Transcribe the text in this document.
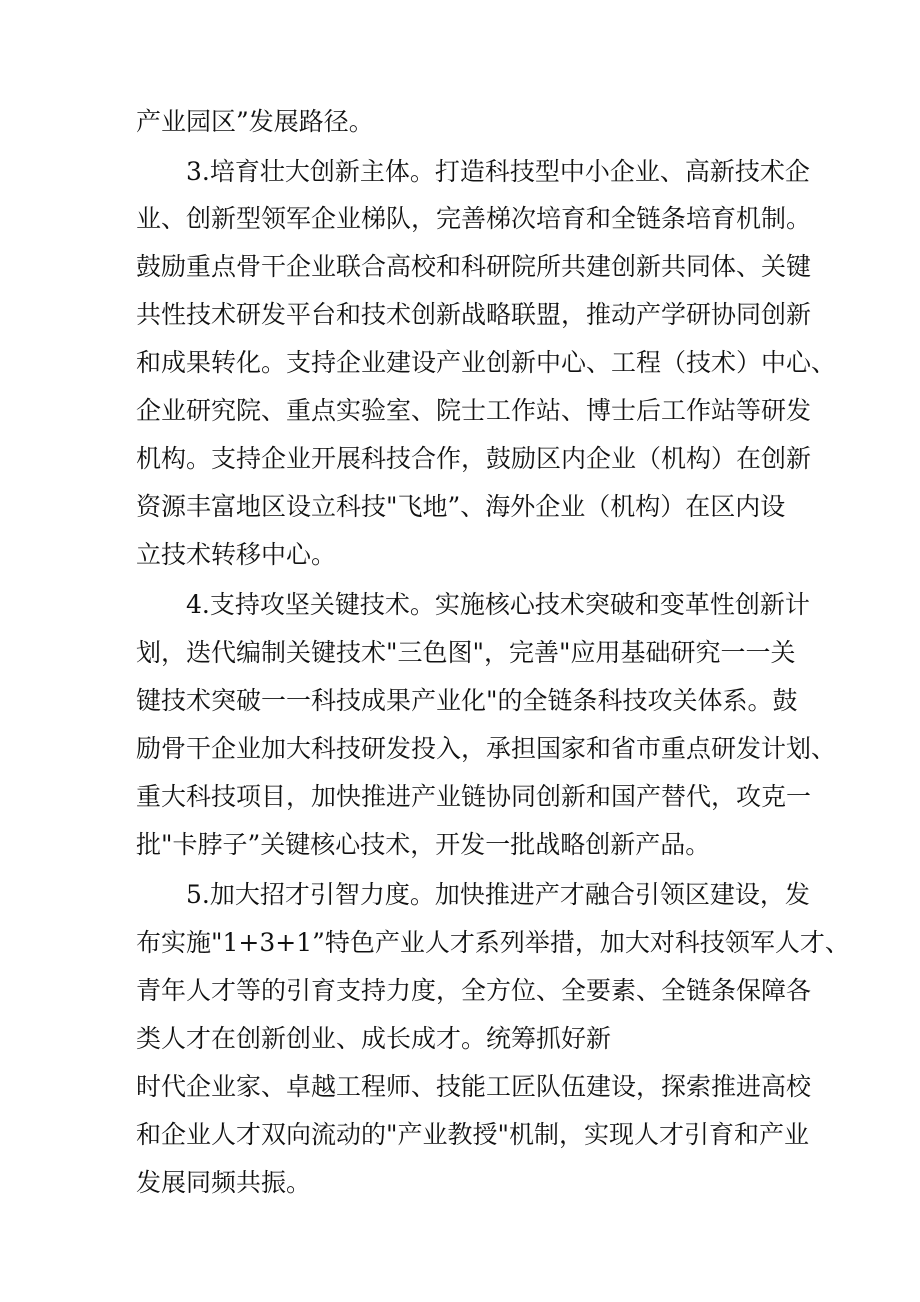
产业园区”发展路径。

3.培育壮大创新主体。打造科技型中小企业、高新技术企

业、创新型领军企业梯队，完善梯次培育和全链条培育机制。

鼓励重点骨干企业联合高校和科研院所共建创新共同体、关键

共性技术研发平台和技术创新战略联盟，推动产学研协同创新

和成果转化。支持企业建设产业创新中心、工程（技术）中心、

企业研究院、重点实验室、院士工作站、博士后工作站等研发

机构。支持企业开展科技合作，鼓励区内企业（机构）在创新

资源丰富地区设立科技"飞地”、海外企业（机构）在区内设

立技术转移中心。

4.支持攻坚关键技术。实施核心技术突破和变革性创新计

划，迭代编制关键技术"三色图"，完善"应用基础研究一一关

键技术突破一一科技成果产业化"的全链条科技攻关体系。鼓

励骨干企业加大科技研发投入，承担国家和省市重点研发计划、

重大科技项目，加快推进产业链协同创新和国产替代，攻克一

批"卡脖子”关键核心技术，开发一批战略创新产品。

5.加大招才引智力度。加快推进产才融合引领区建设，发

布实施"1+3+1”特色产业人才系列举措，加大对科技领军人才、

青年人才等的引育支持力度，全方位、全要素、全链条保障各

类人才在创新创业、成长成才。统筹抓好新

时代企业家、卓越工程师、技能工匠队伍建设，探索推进高校

和企业人才双向流动的"产业教授"机制，实现人才引育和产业

发展同频共振。
